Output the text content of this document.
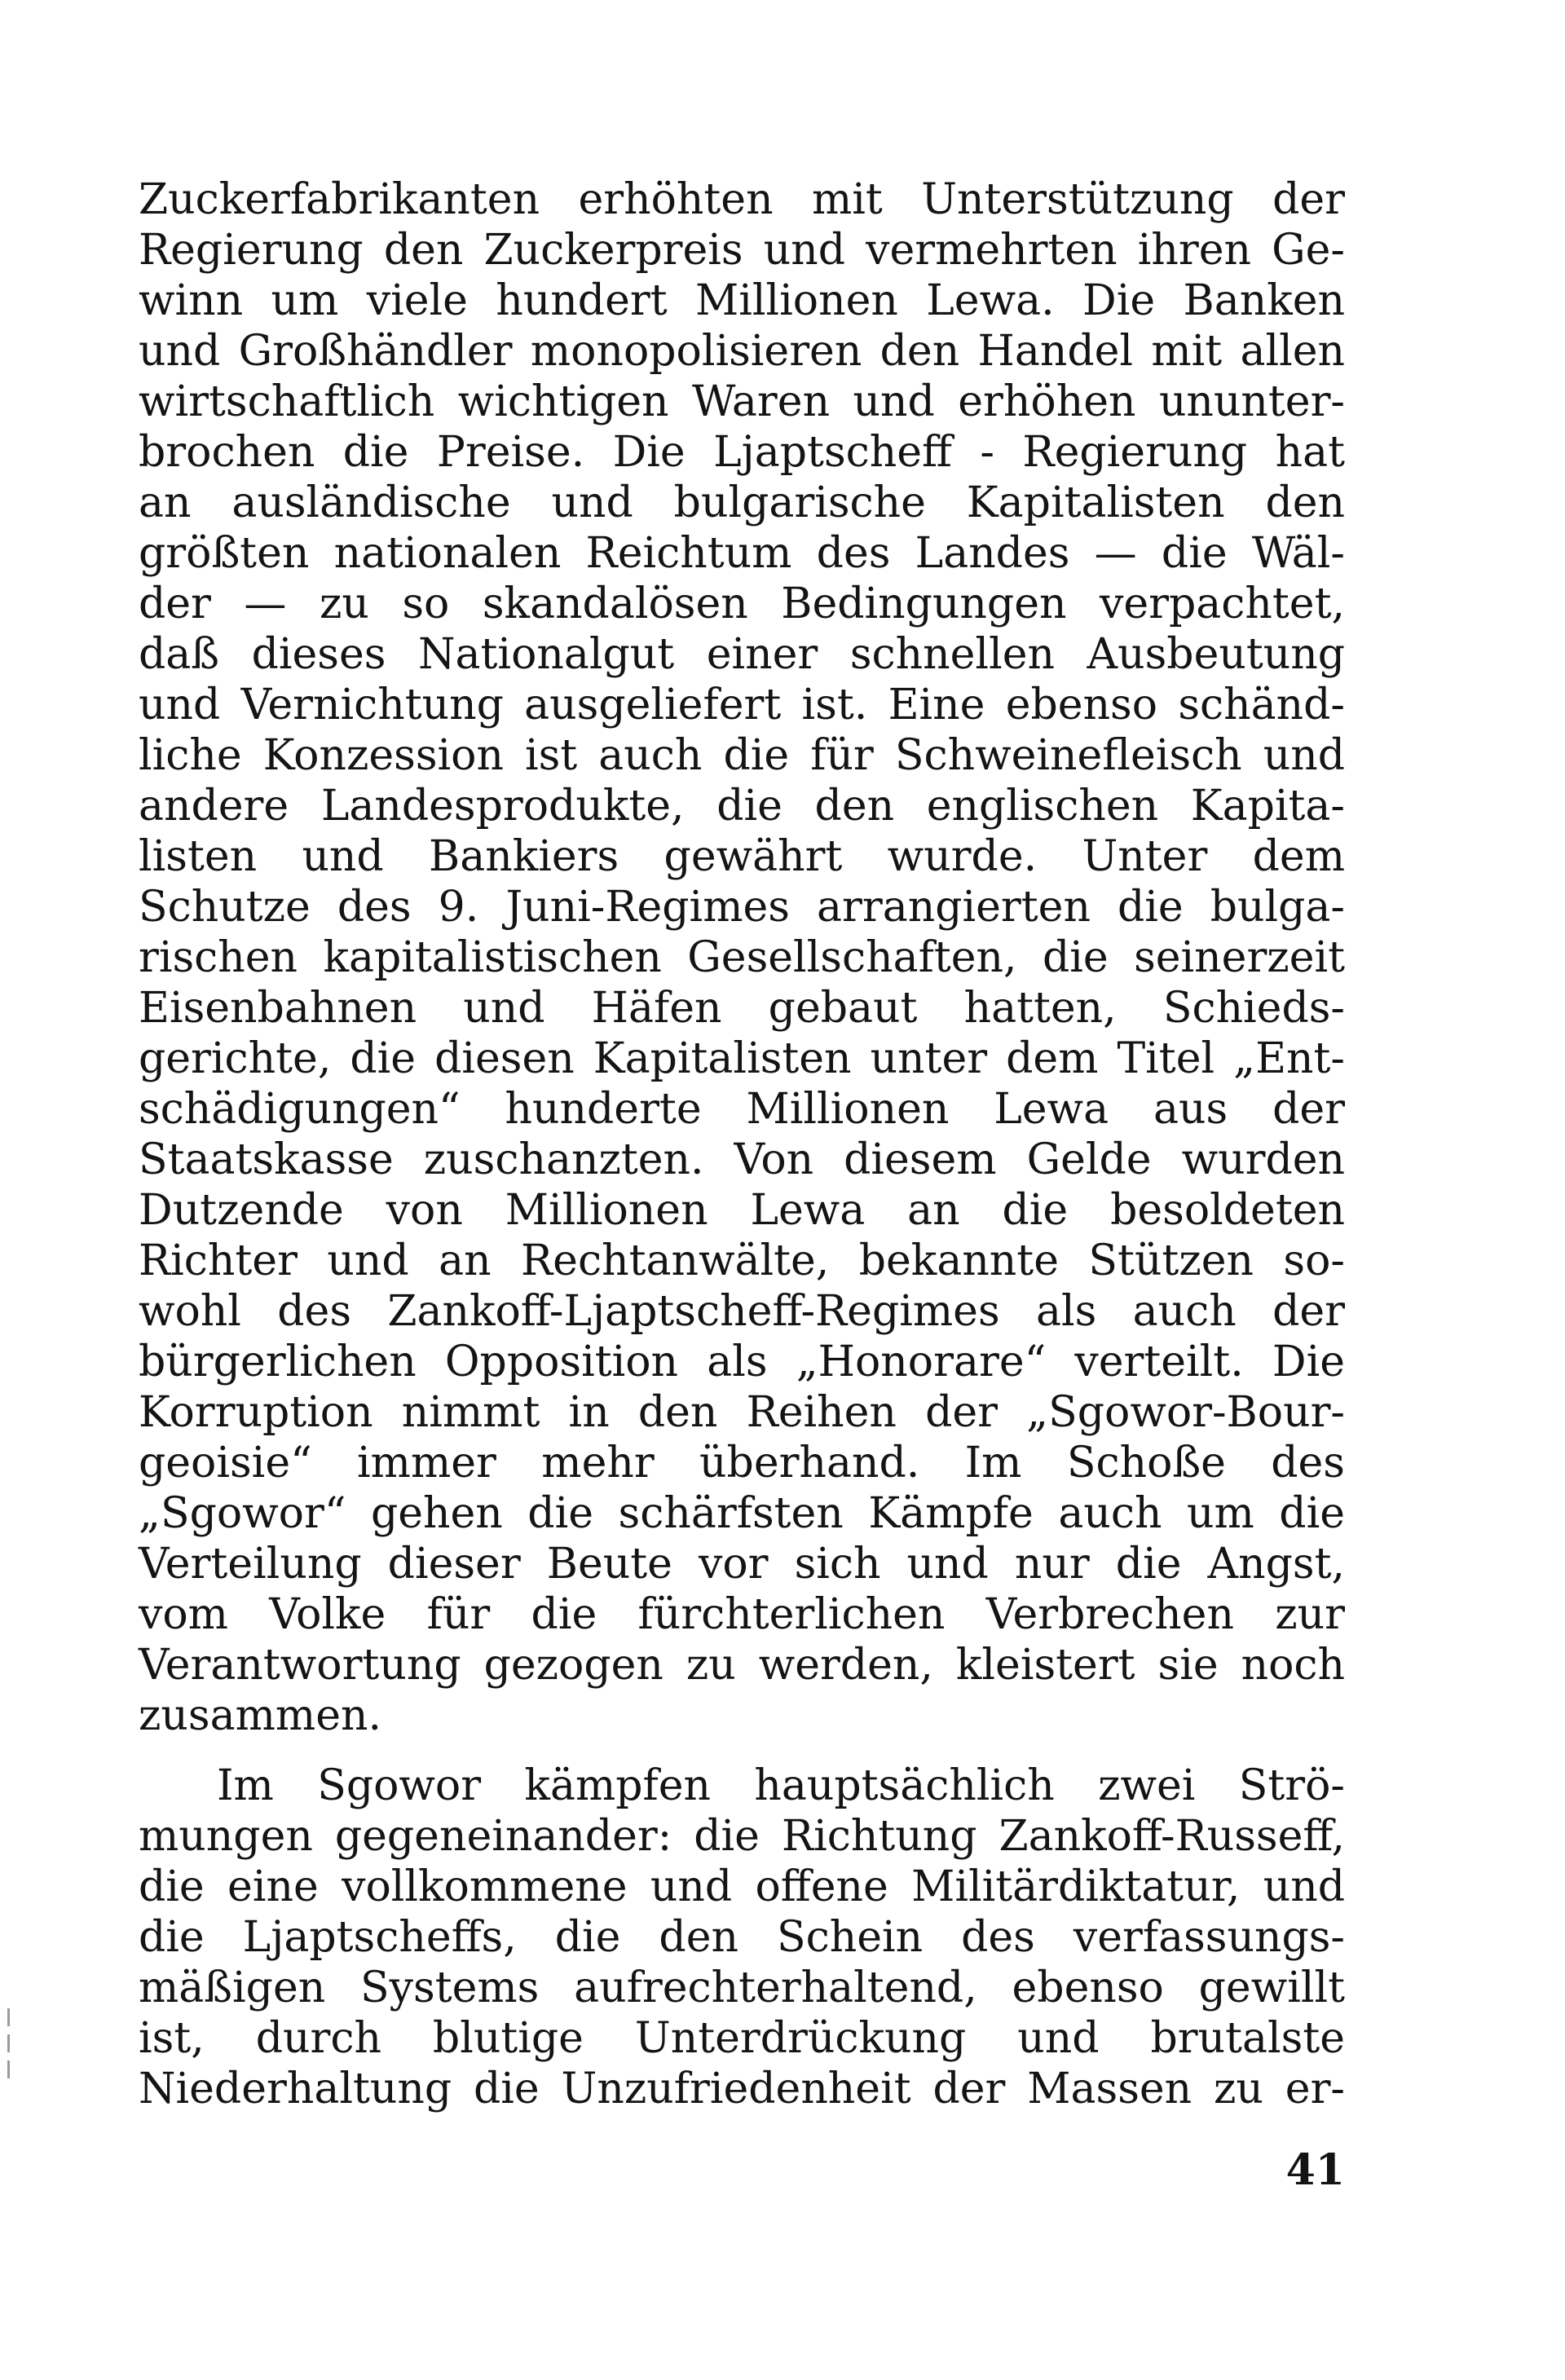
Zuckerfabrikanten erhöhten mit Unterstützung der
Regierung den Zuckerpreis und vermehrten ihren Ge-
winn um viele hundert Millionen Lewa. Die Banken
und Großhändler monopolisieren den Handel mit allen
wirtschaftlich wichtigen Waren und erhöhen ununter-
brochen die Preise. Die Ljaptscheff - Regierung hat
an ausländische und bulgarische Kapitalisten den
größten nationalen Reichtum des Landes — die Wäl-
der — zu so skandalösen Bedingungen verpachtet,
daß dieses Nationalgut einer schnellen Ausbeutung
und Vernichtung ausgeliefert ist. Eine ebenso schänd-
liche Konzession ist auch die für Schweinefleisch und
andere Landesprodukte, die den englischen Kapita-
listen und Bankiers gewährt wurde. Unter dem
Schutze des 9. Juni-Regimes arrangierten die bulga-
rischen kapitalistischen Gesellschaften, die seinerzeit
Eisenbahnen und Häfen gebaut hatten, Schieds-
gerichte, die diesen Kapitalisten unter dem Titel „Ent-
schädigungen“ hunderte Millionen Lewa aus der
Staatskasse zuschanzten. Von diesem Gelde wurden
Dutzende von Millionen Lewa an die besoldeten
Richter und an Rechtanwälte, bekannte Stützen so-
wohl des Zankoff-Ljaptscheff-Regimes als auch der
bürgerlichen Opposition als „Honorare“ verteilt. Die
Korruption nimmt in den Reihen der „Sgowor-Bour-
geoisie“ immer mehr überhand. Im Schoße des
„Sgowor“ gehen die schärfsten Kämpfe auch um die
Verteilung dieser Beute vor sich und nur die Angst,
vom Volke für die fürchterlichen Verbrechen zur
Verantwortung gezogen zu werden, kleistert sie noch
zusammen.
Im Sgowor kämpfen hauptsächlich zwei Strö-
mungen gegeneinander: die Richtung Zankoff-Russeff,
die eine vollkommene und offene Militärdiktatur, und
die Ljaptscheffs, die den Schein des verfassungs-
mäßigen Systems aufrechterhaltend, ebenso gewillt
ist, durch blutige Unterdrückung und brutalste
Niederhaltung die Unzufriedenheit der Massen zu er-
41
